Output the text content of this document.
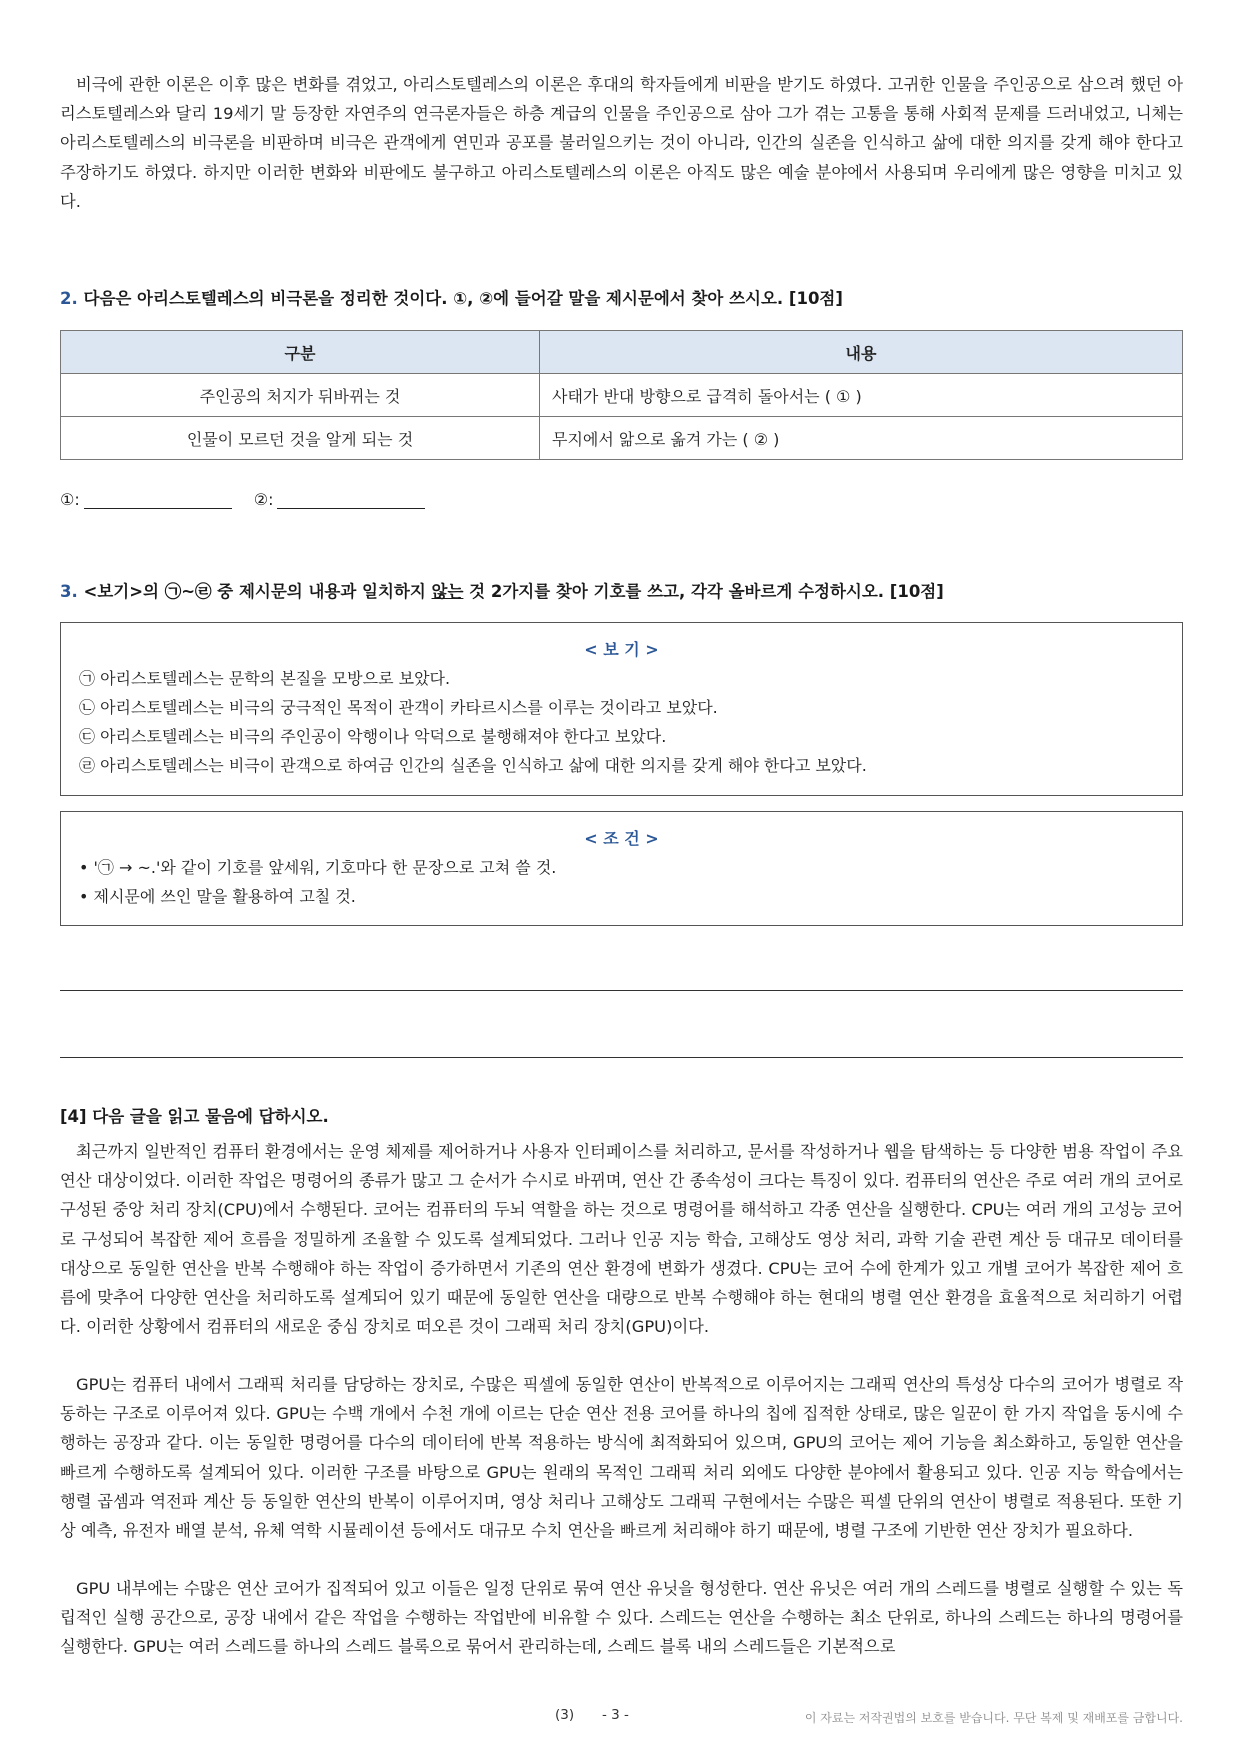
비극에 관한 이론은 이후 많은 변화를 겪었고, 아리스토텔레스의 이론은 후대의 학자들에게 비판을 받기도 하였다. 고귀한 인물을 주인공으로 삼으려 했던 아리스토텔레스와 달리 19세기 말 등장한 자연주의 연극론자들은 하층 계급의 인물을 주인공으로 삼아 그가 겪는 고통을 통해 사회적 문제를 드러내었고, 니체는 아리스토텔레스의 비극론을 비판하며 비극은 관객에게 연민과 공포를 불러일으키는 것이 아니라, 인간의 실존을 인식하고 삶에 대한 의지를 갖게 해야 한다고 주장하기도 하였다. 하지만 이러한 변화와 비판에도 불구하고 아리스토텔레스의 이론은 아직도 많은 예술 분야에서 사용되며 우리에게 많은 영향을 미치고 있다.

2. 다음은 아리스토텔레스의 비극론을 정리한 것이다. ①, ②에 들어갈 말을 제시문에서 찾아 쓰시오. [10점]

구분	내용
주인공의 처지가 뒤바뀌는 것	사태가 반대 방향으로 급격히 돌아서는 ( ① )
인물이 모르던 것을 알게 되는 것	무지에서 앎으로 옮겨 가는 ( ② )
①:	②:

3. <보기>의 ㉠~㉣ 중 제시문의 내용과 일치하지 않는 것 2가지를 찾아 기호를 쓰고, 각각 올바르게 수정하시오. [10점]

< 보 기 >

㉠ 아리스토텔레스는 문학의 본질을 모방으로 보았다.

㉡ 아리스토텔레스는 비극의 궁극적인 목적이 관객이 카타르시스를 이루는 것이라고 보았다.

㉢ 아리스토텔레스는 비극의 주인공이 악행이나 악덕으로 불행해져야 한다고 보았다.

㉣ 아리스토텔레스는 비극이 관객으로 하여금 인간의 실존을 인식하고 삶에 대한 의지를 갖게 해야 한다고 보았다.

< 조 건 >

• '㉠ → ~.'와 같이 기호를 앞세워, 기호마다 한 문장으로 고쳐 쓸 것.

• 제시문에 쓰인 말을 활용하여 고칠 것.

[4] 다음 글을 읽고 물음에 답하시오.

최근까지 일반적인 컴퓨터 환경에서는 운영 체제를 제어하거나 사용자 인터페이스를 처리하고, 문서를 작성하거나 웹을 탐색하는 등 다양한 범용 작업이 주요 연산 대상이었다. 이러한 작업은 명령어의 종류가 많고 그 순서가 수시로 바뀌며, 연산 간 종속성이 크다는 특징이 있다. 컴퓨터의 연산은 주로 여러 개의 코어로 구성된 중앙 처리 장치(CPU)에서 수행된다. 코어는 컴퓨터의 두뇌 역할을 하는 것으로 명령어를 해석하고 각종 연산을 실행한다. CPU는 여러 개의 고성능 코어로 구성되어 복잡한 제어 흐름을 정밀하게 조율할 수 있도록 설계되었다. 그러나 인공 지능 학습, 고해상도 영상 처리, 과학 기술 관련 계산 등 대규모 데이터를 대상으로 동일한 연산을 반복 수행해야 하는 작업이 증가하면서 기존의 연산 환경에 변화가 생겼다. CPU는 코어 수에 한계가 있고 개별 코어가 복잡한 제어 흐름에 맞추어 다양한 연산을 처리하도록 설계되어 있기 때문에 동일한 연산을 대량으로 반복 수행해야 하는 현대의 병렬 연산 환경을 효율적으로 처리하기 어렵다. 이러한 상황에서 컴퓨터의 새로운 중심 장치로 떠오른 것이 그래픽 처리 장치(GPU)이다.

GPU는 컴퓨터 내에서 그래픽 처리를 담당하는 장치로, 수많은 픽셀에 동일한 연산이 반복적으로 이루어지는 그래픽 연산의 특성상 다수의 코어가 병렬로 작동하는 구조로 이루어져 있다. GPU는 수백 개에서 수천 개에 이르는 단순 연산 전용 코어를 하나의 칩에 집적한 상태로, 많은 일꾼이 한 가지 작업을 동시에 수행하는 공장과 같다. 이는 동일한 명령어를 다수의 데이터에 반복 적용하는 방식에 최적화되어 있으며, GPU의 코어는 제어 기능을 최소화하고, 동일한 연산을 빠르게 수행하도록 설계되어 있다. 이러한 구조를 바탕으로 GPU는 원래의 목적인 그래픽 처리 외에도 다양한 분야에서 활용되고 있다. 인공 지능 학습에서는 행렬 곱셈과 역전파 계산 등 동일한 연산의 반복이 이루어지며, 영상 처리나 고해상도 그래픽 구현에서는 수많은 픽셀 단위의 연산이 병렬로 적용된다. 또한 기상 예측, 유전자 배열 분석, 유체 역학 시뮬레이션 등에서도 대규모 수치 연산을 빠르게 처리해야 하기 때문에, 병렬 구조에 기반한 연산 장치가 필요하다.

GPU 내부에는 수많은 연산 코어가 집적되어 있고 이들은 일정 단위로 묶여 연산 유닛을 형성한다. 연산 유닛은 여러 개의 스레드를 병렬로 실행할 수 있는 독립적인 실행 공간으로, 공장 내에서 같은 작업을 수행하는 작업반에 비유할 수 있다. 스레드는 연산을 수행하는 최소 단위로, 하나의 스레드는 하나의 명령어를 실행한다. GPU는 여러 스레드를 하나의 스레드 블록으로 묶어서 관리하는데, 스레드 블록 내의 스레드들은 기본적으로

(3) - 3 -	이 자료는 저작권법의 보호를 받습니다. 무단 복제 및 재배포를 금합니다.
